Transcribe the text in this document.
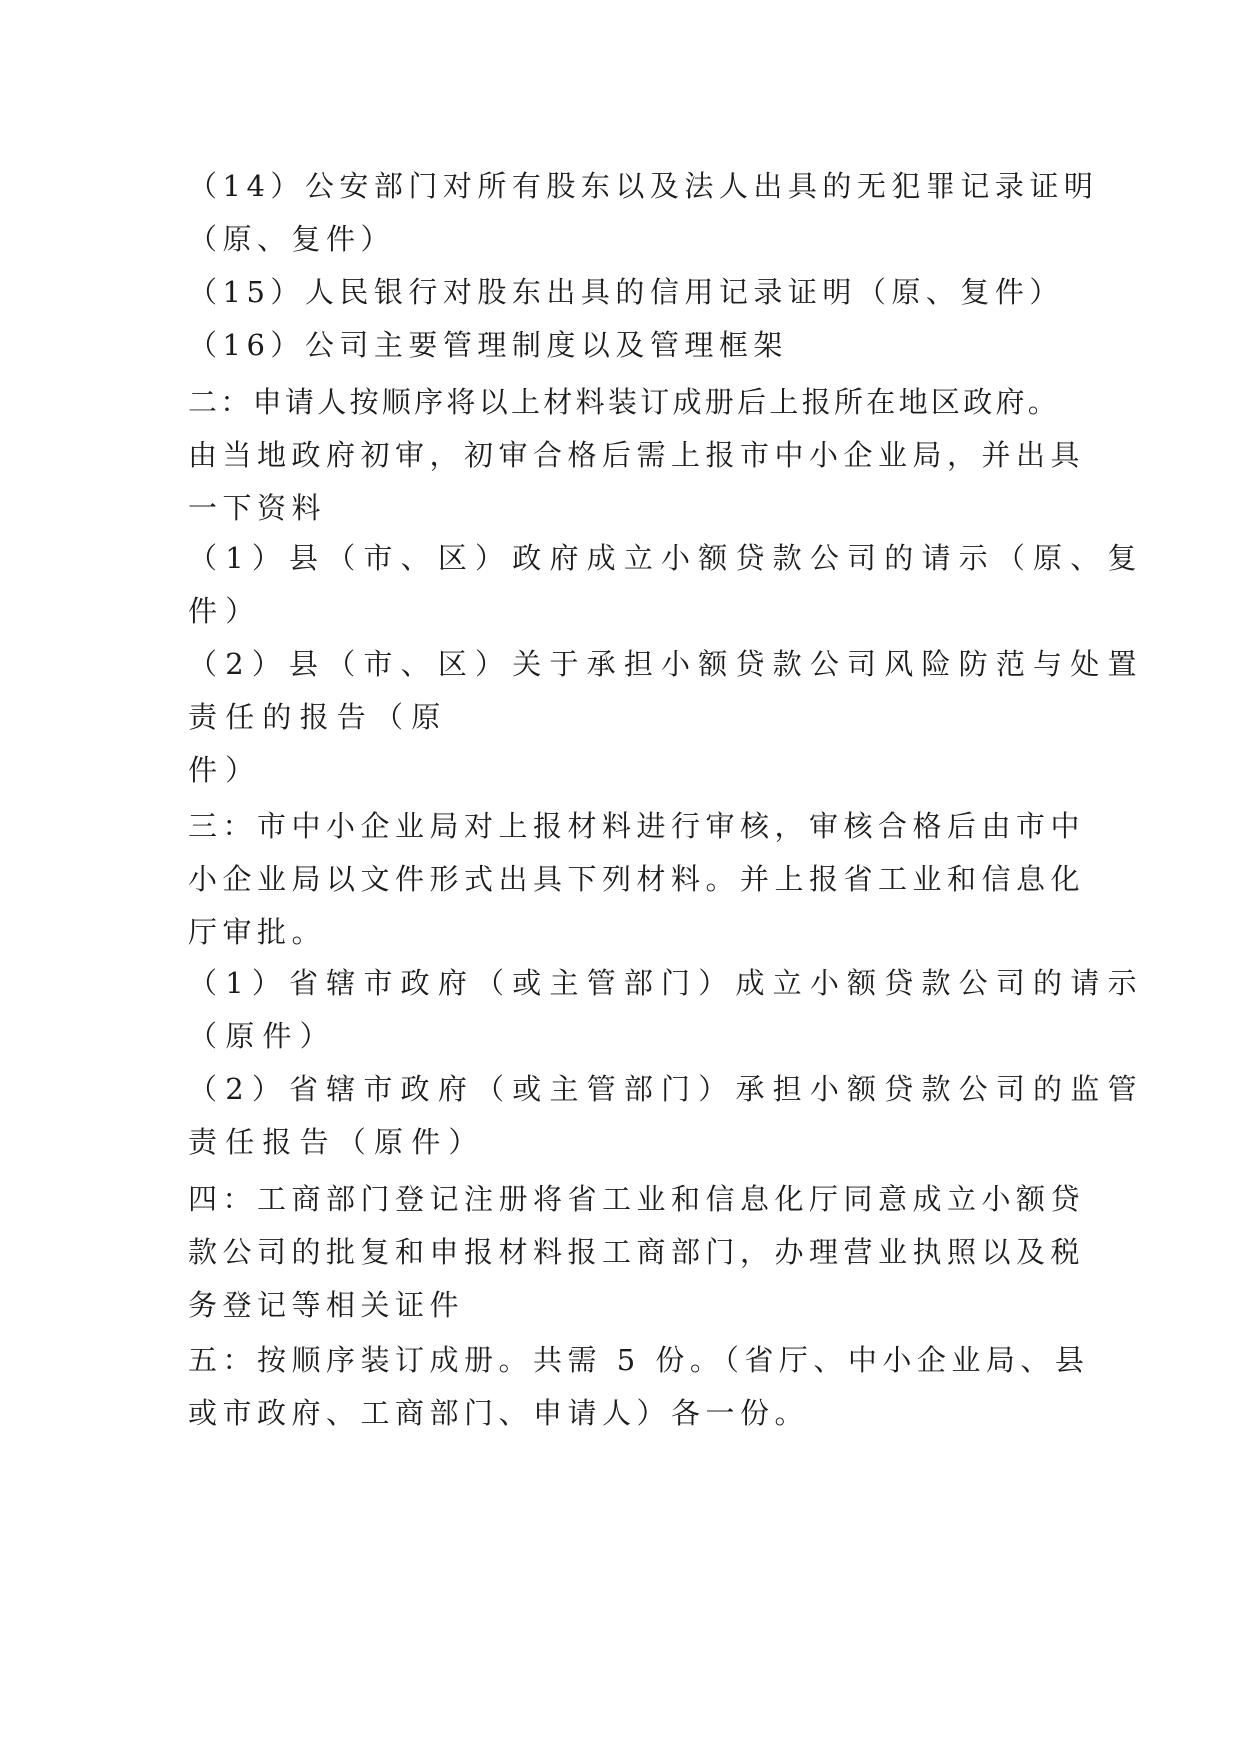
（14）公安部门对所有股东以及法人出具的无犯罪记录证明
（原、复件）
（15）人民银行对股东出具的信用记录证明（原、复件）
（16）公司主要管理制度以及管理框架
二：申请人按顺序将以上材料装订成册后上报所在地区政府。
由当地政府初审，初审合格后需上报市中小企业局，并出具
一下资料
（1）县（市、区）政府成立小额贷款公司的请示（原、复
件）
（2）县（市、区）关于承担小额贷款公司风险防范与处置
责任的报告（原
件）
三：市中小企业局对上报材料进行审核，审核合格后由市中
小企业局以文件形式出具下列材料。并上报省工业和信息化
厅审批。
（1）省辖市政府（或主管部门）成立小额贷款公司的请示
（原件）
（2）省辖市政府（或主管部门）承担小额贷款公司的监管
责任报告（原件）
四：工商部门登记注册将省工业和信息化厅同意成立小额贷
款公司的批复和申报材料报工商部门，办理营业执照以及税
务登记等相关证件
五：按顺序装订成册。共需 5 份。（省厅、中小企业局、县
或市政府、工商部门、申请人）各一份。
